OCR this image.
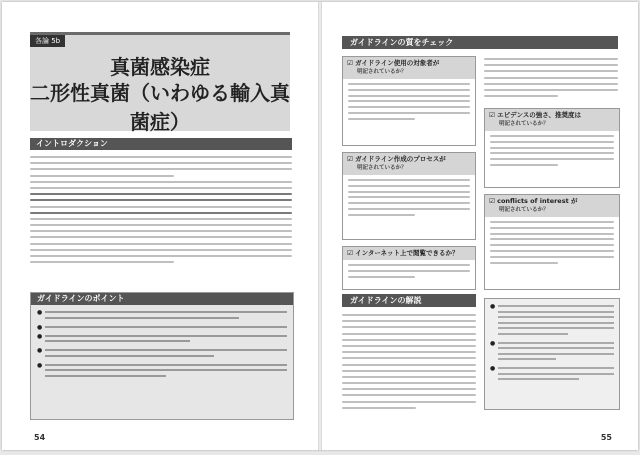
各論 5b
真菌感染症
二形性真菌（いわゆる輸入真菌症）
イントロダクション
ガイドラインのポイント
●
●
●
●
●
54
ガイドラインの質をチェック
☑ ガイドライン使用の対象者が
明記されているか？
☑ ガイドライン作成のプロセスが
明記されているか？
☑ インターネット上で閲覧できるか？
☑ エビデンスの強さ、推奨度は
明記されているか？
☑ conflicts of interest が
明記されているか？
ガイドラインの解説
●
●
●
55
